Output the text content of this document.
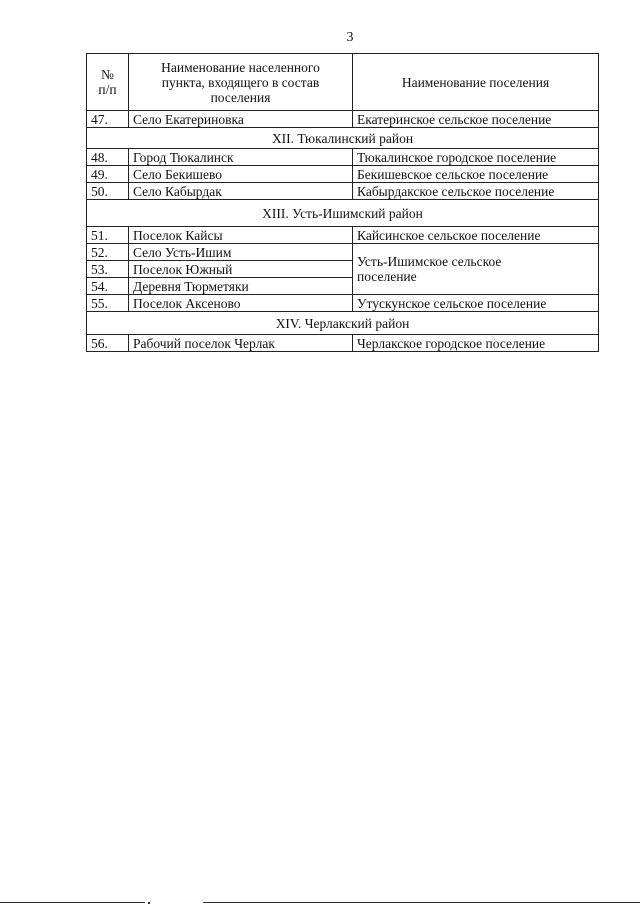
3
№ п/п	Наименование населенного пункта, входящего в состав поселения	Наименование поселения
47.	Село Екатериновка	Екатеринское сельское поселение
XII. Тюкалинский район		
48.	Город Тюкалинск	Тюкалинское городское поселение
49.	Село Бекишево	Бекишевское сельское поселение
50.	Село Кабырдак	Кабырдакское сельское поселение
XIII. Усть-Ишимский район		
51.	Поселок Кайсы	Кайсинское сельское поселение
52.	Село Усть-Ишим	Усть-Ишимское сельское поселение
53.	Поселок Южный	
54.	Деревня Тюрметяки	
55.	Поселок Аксеново	Утускунское сельское поселение
XIV. Черлакский район		
56.	Рабочий поселок Черлак	Черлакское городское поселение
